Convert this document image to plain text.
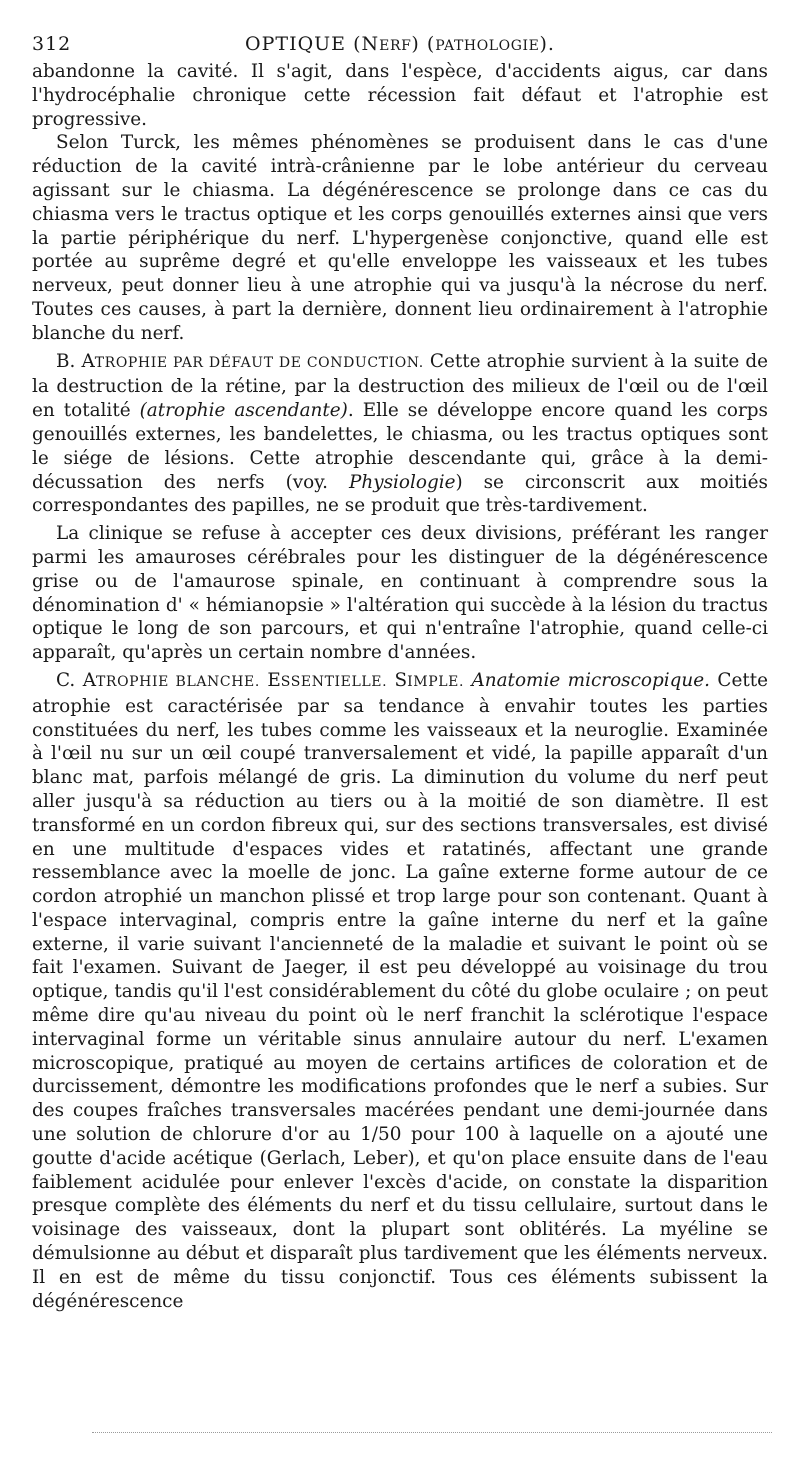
312	OPTIQUE (NERF) (PATHOLOGIE).

abandonne la cavité. Il s'agit, dans l'espèce, d'accidents aigus, car dans l'hydrocéphalie chronique cette récession fait défaut et l'atrophie est progressive.

Selon Turck, les mêmes phénomènes se produisent dans le cas d'une réduction de la cavité intrà-crânienne par le lobe antérieur du cerveau agissant sur le chiasma. La dégénérescence se prolonge dans ce cas du chiasma vers le tractus optique et les corps genouillés externes ainsi que vers la partie périphérique du nerf. L'hypergenèse conjonctive, quand elle est portée au suprême degré et qu'elle enveloppe les vaisseaux et les tubes nerveux, peut donner lieu à une atrophie qui va jusqu'à la nécrose du nerf. Toutes ces causes, à part la dernière, donnent lieu ordinairement à l'atrophie blanche du nerf.

B. ATROPHIE PAR DÉFAUT DE CONDUCTION. Cette atrophie survient à la suite de la destruction de la rétine, par la destruction des milieux de l'œil ou de l'œil en totalité (atrophie ascendante). Elle se développe encore quand les corps genouillés externes, les bandelettes, le chiasma, ou les tractus optiques sont le siége de lésions. Cette atrophie descendante qui, grâce à la demi-décussation des nerfs (voy. Physiologie) se circonscrit aux moitiés correspondantes des papilles, ne se produit que très-tardivement.

La clinique se refuse à accepter ces deux divisions, préférant les ranger parmi les amauroses cérébrales pour les distinguer de la dégénérescence grise ou de l'amaurose spinale, en continuant à comprendre sous la dénomination d' « hémianopsie » l'altération qui succède à la lésion du tractus optique le long de son parcours, et qui n'entraîne l'atrophie, quand celle-ci apparaît, qu'après un certain nombre d'années.

C. ATROPHIE BLANCHE. ESSENTIELLE. SIMPLE. Anatomie microscopique. Cette atrophie est caractérisée par sa tendance à envahir toutes les parties constituées du nerf, les tubes comme les vaisseaux et la neuroglie. Examinée à l'œil nu sur un œil coupé tranversalement et vidé, la papille apparaît d'un blanc mat, parfois mélangé de gris. La diminution du volume du nerf peut aller jusqu'à sa réduction au tiers ou à la moitié de son diamètre. Il est transformé en un cordon fibreux qui, sur des sections transversales, est divisé en une multitude d'espaces vides et ratatinés, affectant une grande ressemblance avec la moelle de jonc. La gaîne externe forme autour de ce cordon atrophié un manchon plissé et trop large pour son contenant. Quant à l'espace intervaginal, compris entre la gaîne interne du nerf et la gaîne externe, il varie suivant l'ancienneté de la maladie et suivant le point où se fait l'examen. Suivant de Jaeger, il est peu développé au voisinage du trou optique, tandis qu'il l'est considérablement du côté du globe oculaire ; on peut même dire qu'au niveau du point où le nerf franchit la sclérotique l'espace intervaginal forme un véritable sinus annulaire autour du nerf. L'examen microscopique, pratiqué au moyen de certains artifices de coloration et de durcissement, démontre les modifications profondes que le nerf a subies. Sur des coupes fraîches transversales macérées pendant une demi-journée dans une solution de chlorure d'or au 1/50 pour 100 à laquelle on a ajouté une goutte d'acide acétique (Gerlach, Leber), et qu'on place ensuite dans de l'eau faiblement acidulée pour enlever l'excès d'acide, on constate la disparition presque complète des éléments du nerf et du tissu cellulaire, surtout dans le voisinage des vaisseaux, dont la plupart sont oblitérés. La myéline se démulsionne au début et disparaît plus tardivement que les éléments nerveux. Il en est de même du tissu conjonctif. Tous ces éléments subissent la dégénérescence
